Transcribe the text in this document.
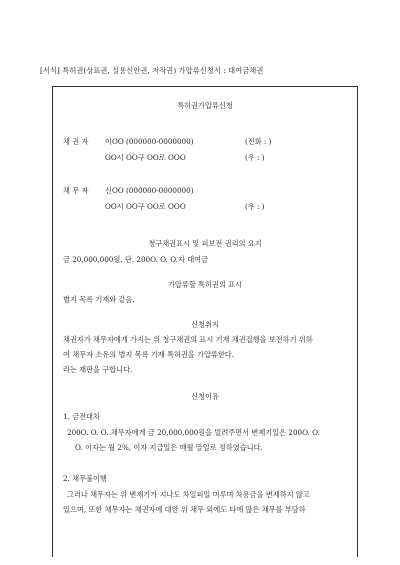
[서식] 특허권(상표권, 실용신안권, 저작권) 가압류신청서 : 대여금채권
특허권가압류신청
채 권 자 이OO (000000-0000000)	(전화 : )
OO시 OO구 OO로 OOO	(우 : )
채 무 자 신OO (000000-0000000)
OO시 OO구 OO로 OOO	(우 : )
청구채권표시 및 피보전 권리의 요지
금 20,000,000원, 단, 200O. O. O.자 대여금
가압류할 특허권의 표시
별지 목록 기재와 같음.
신청취지
채권자가 채무자에게 가지는 위 청구채권의 표시 기재 채권집행을 보전하기 위하
여 채무자 소유의 별지 목록 기재 특허권을 가압류한다.
라는 재판을 구합니다.
신청이유
1. 금전대차
200O. O. O. 채무자에게 금 20,000,000원을 빌려주면서 변제기일은 200O. O.
O. 이자는 월 2%, 이자 지급일은 매월 말일로 정하였습니다.
2. 채무불이행
그러나 채무자는 위 변제기가 지나도 차일피일 미루며 차용금을 변제하지 않고
있으며, 또한 채무자는 채권자에 대한 위 채무 외에도 타에 많은 채무를 부담하
